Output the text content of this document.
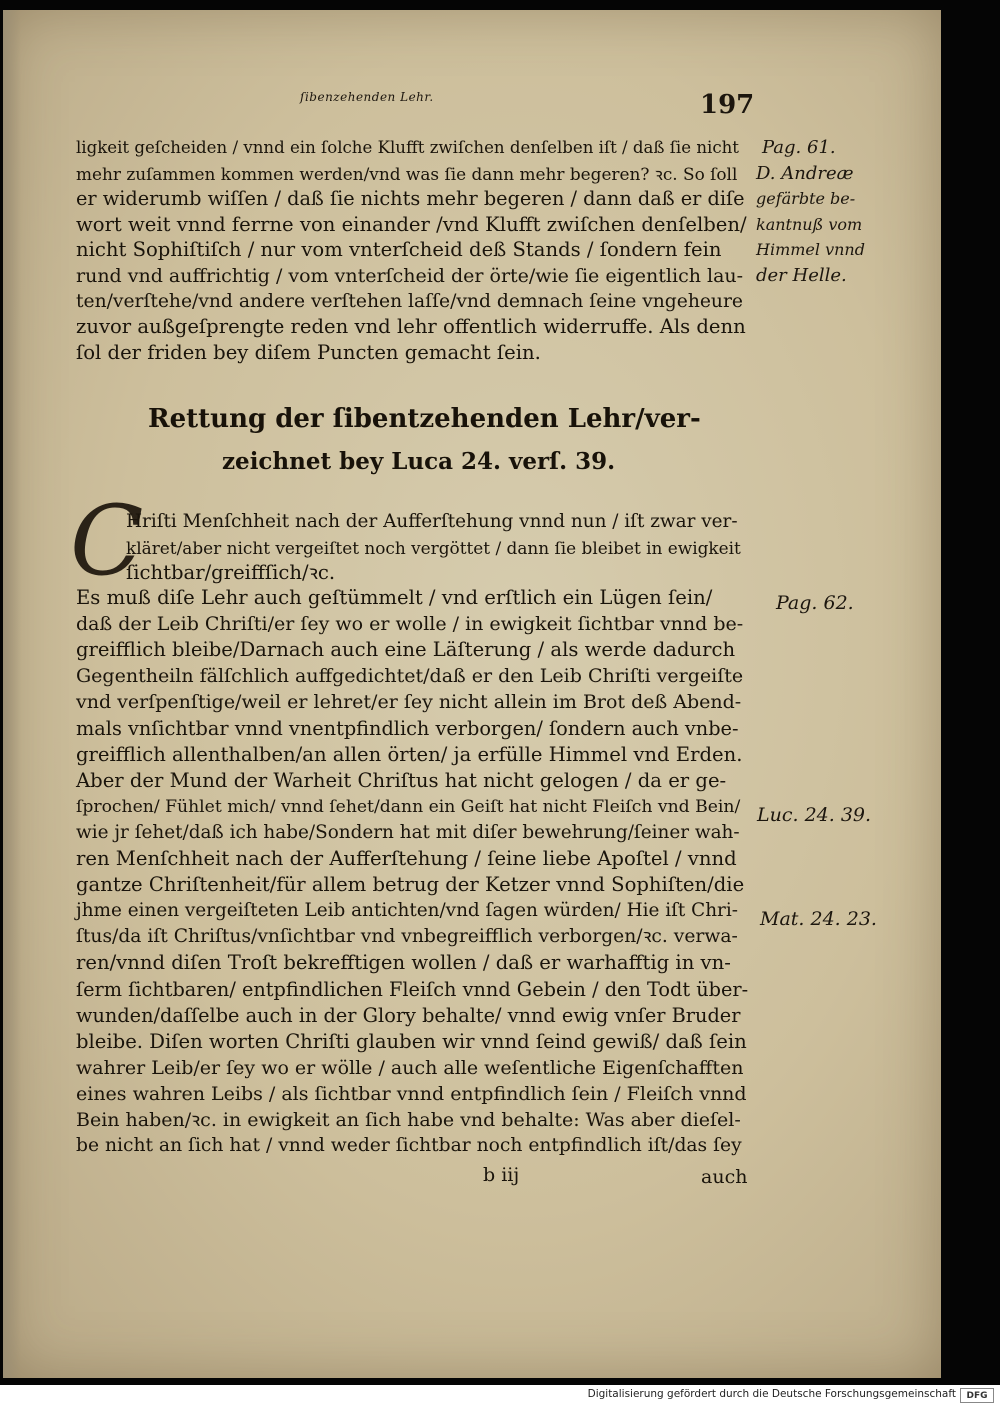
ſibenzehenden Lehr.	197
ligkeit geſcheiden / vnnd ein ſolche Klufft zwiſchen denſelben iſt / daß ſie nicht
mehr zuſammen kommen werden/vnd was ſie dann mehr begeren? ꝛc. So ſoll
er widerumb wiſſen / daß ſie nichts mehr begeren / dann daß er diſe
wort weit vnnd ferrne von einander /vnd Klufft zwiſchen denſelben/
nicht Sophiſtiſch / nur vom vnterſcheid deß Stands / ſondern fein
rund vnd auffrichtig / vom vnterſcheid der örte/wie ſie eigentlich lau-
ten/verſtehe/vnd andere verſtehen laſſe/vnd demnach ſeine vngeheure
zuvor außgeſprengte reden vnd lehr offentlich widerruffe. Als denn
ſol der friden bey diſem Puncten gemacht ſein.
Rettung der ſibentzehenden Lehr/ver-
zeichnet bey Luca 24. verſ. 39.
C
Hriſti Menſchheit nach der Aufferſtehung vnnd nun / iſt zwar ver-
kläret/aber nicht vergeiſtet noch vergöttet / dann ſie bleibet in ewigkeit
ſichtbar/greiffſich/ꝛc.
Es muß diſe Lehr auch geſtümmelt / vnd erſtlich ein Lügen ſein/
daß der Leib Chriſti/er ſey wo er wolle / in ewigkeit ſichtbar vnnd be-
greifflich bleibe/Darnach auch eine Läſterung / als werde dadurch
Gegentheiln fälſchlich auffgedichtet/daß er den Leib Chriſti vergeiſte
vnd verſpenſtige/weil er lehret/er ſey nicht allein im Brot deß Abend-
mals vnſichtbar vnnd vnentpfindlich verborgen/ ſondern auch vnbe-
greifflich allenthalben/an allen örten/ ja erfülle Himmel vnd Erden.
Aber der Mund der Warheit Chriſtus hat nicht gelogen / da er ge-
ſprochen/ Fühlet mich/ vnnd ſehet/dann ein Geiſt hat nicht Fleiſch vnd Bein/
wie jr ſehet/daß ich habe/Sondern hat mit diſer bewehrung/ſeiner wah-
ren Menſchheit nach der Aufferſtehung / ſeine liebe Apoſtel / vnnd
gantze Chriſtenheit/für allem betrug der Ketzer vnnd Sophiſten/die
jhme einen vergeiſteten Leib antichten/vnd ſagen würden/ Hie iſt Chri-
ſtus/da iſt Chriſtus/vnſichtbar vnd vnbegreifflich verborgen/ꝛc. verwa-
ren/vnnd diſen Troſt bekrefftigen wollen / daß er warhafftig in vn-
ſerm ſichtbaren/ entpfindlichen Fleiſch vnnd Gebein / den Todt über-
wunden/daſſelbe auch in der Glory behalte/ vnnd ewig vnſer Bruder
bleibe. Diſen worten Chriſti glauben wir vnnd ſeind gewiß/ daß ſein
wahrer Leib/er ſey wo er wölle / auch alle weſentliche Eigenſchafften
eines wahren Leibs / als ſichtbar vnnd entpfindlich ſein / Fleiſch vnnd
Bein haben/ꝛc. in ewigkeit an ſich habe vnd behalte: Was aber dieſel-
be nicht an ſich hat / vnnd weder ſichtbar noch entpfindlich iſt/das ſey
Pag. 61.
D. Andreæ
gefärbte be-
kantnuß vom
Himmel vnnd
der Helle.
Pag. 62.
Luc. 24. 39.
Mat. 24. 23.
b iij	auch
Digitalisierung gefördert durch die Deutsche Forschungsgemeinschaft	DFG
